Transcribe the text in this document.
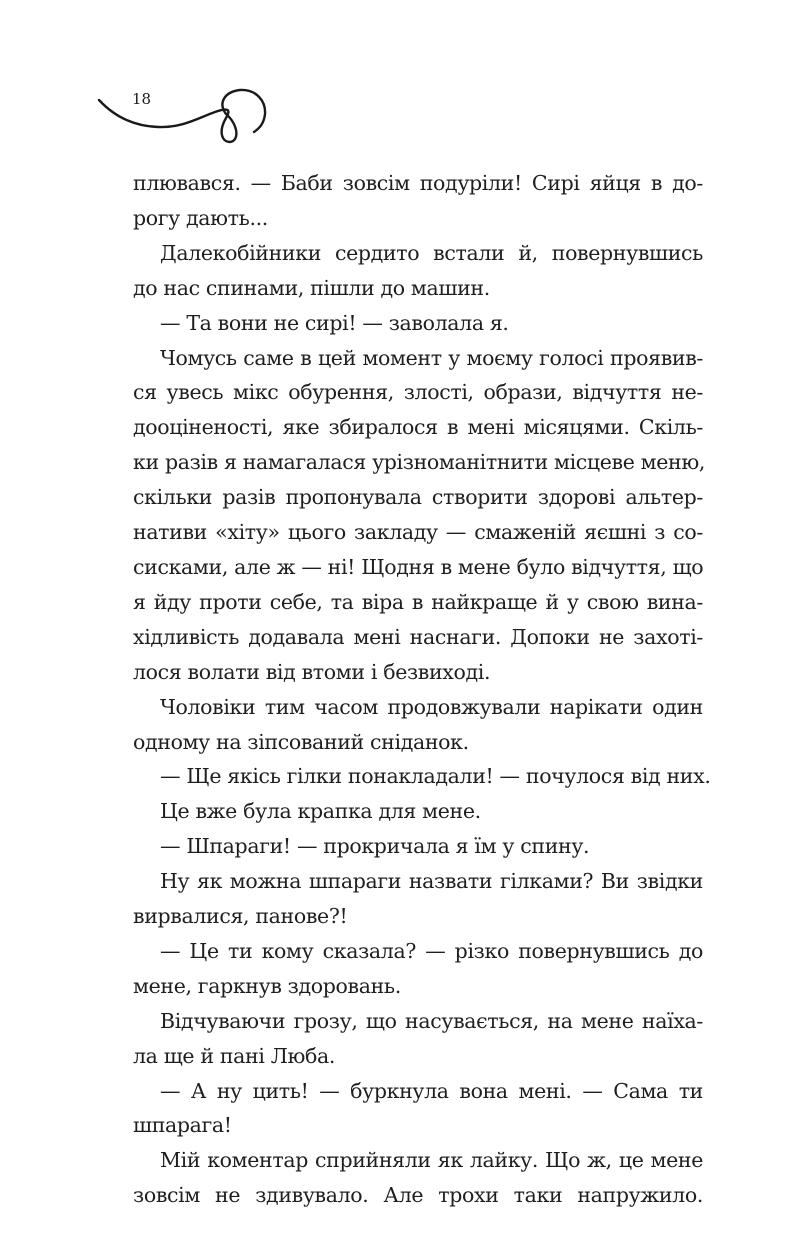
18
плювався. — Баби зовсім подуріли! Сирі яйця в до-
рогу дають...
Далекобійники сердито встали й, повернувшись
до нас спинами, пішли до машин.
— Та вони не сирі! — заволала я.
Чомусь саме в цей момент у моєму голосі проявив-
ся увесь мікс обурення, злості, образи, відчуття не-
дооціненості, яке збиралося в мені місяцями. Скіль-
ки разів я намагалася урізноманітнити місцеве меню,
скільки разів пропонувала створити здорові альтер-
нативи «хіту» цього закладу — смаженій яєшні з со-
сисками, але ж — ні! Щодня в мене було відчуття, що
я йду проти себе, та віра в найкраще й у свою вина-
хідливість додавала мені наснаги. Допоки не захоті-
лося волати від втоми і безвиході.
Чоловіки тим часом продовжували нарікати один
одному на зіпсований сніданок.
— Ще якісь гілки понакладали! — почулося від них.
Це вже була крапка для мене.
— Шпараги! — прокричала я їм у спину.
Ну як можна шпараги назвати гілками? Ви звідки
вирвалися, панове?!
— Це ти кому сказала? — різко повернувшись до
мене, гаркнув здоровань.
Відчуваючи грозу, що насувається, на мене наїха-
ла ще й пані Люба.
— А ну цить! — буркнула вона мені. — Сама ти
шпарага!
Мій коментар сприйняли як лайку. Що ж, це мене
зовсім не здивувало. Але трохи таки напружило.
